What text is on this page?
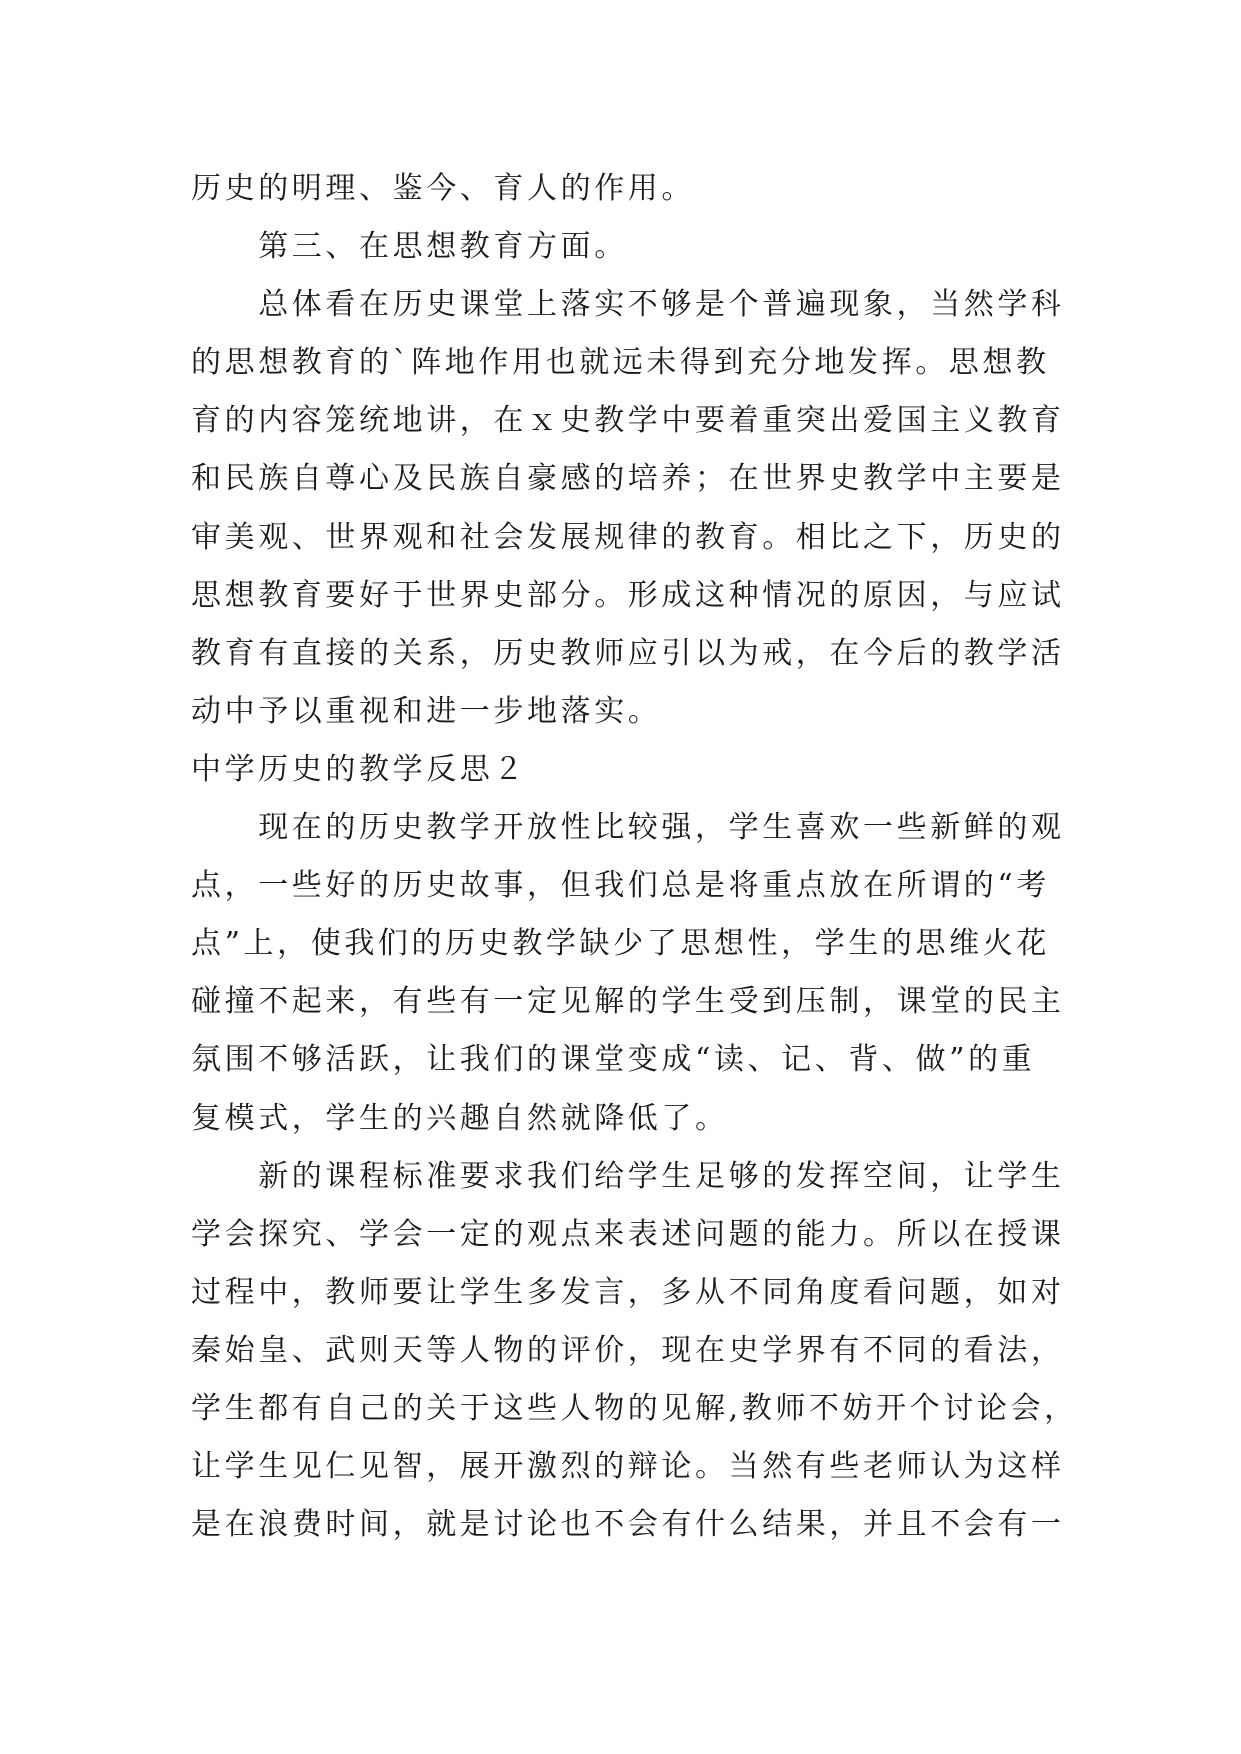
历史的明理、鉴今、育人的作用。
　　第三、在思想教育方面。
　　总体看在历史课堂上落实不够是个普遍现象，当然学科
的思想教育的`阵地作用也就远未得到充分地发挥。思想教
育的内容笼统地讲，在ｘ史教学中要着重突出爱国主义教育
和民族自尊心及民族自豪感的培养；在世界史教学中主要是
审美观、世界观和社会发展规律的教育。相比之下，历史的
思想教育要好于世界史部分。形成这种情况的原因，与应试
教育有直接的关系，历史教师应引以为戒，在今后的教学活
动中予以重视和进一步地落实。
中学历史的教学反思２
　　现在的历史教学开放性比较强，学生喜欢一些新鲜的观
点，一些好的历史故事，但我们总是将重点放在所谓的“考
点”上，使我们的历史教学缺少了思想性，学生的思维火花
碰撞不起来，有些有一定见解的学生受到压制，课堂的民主
氛围不够活跃，让我们的课堂变成“读、记、背、做”的重
复模式，学生的兴趣自然就降低了。
　　新的课程标准要求我们给学生足够的发挥空间，让学生
学会探究、学会一定的观点来表述问题的能力。所以在授课
过程中，教师要让学生多发言，多从不同角度看问题，如对
秦始皇、武则天等人物的评价，现在史学界有不同的看法，
学生都有自己的关于这些人物的见解,教师不妨开个讨论会，
让学生见仁见智，展开激烈的辩论。当然有些老师认为这样
是在浪费时间，就是讨论也不会有什么结果，并且不会有一
